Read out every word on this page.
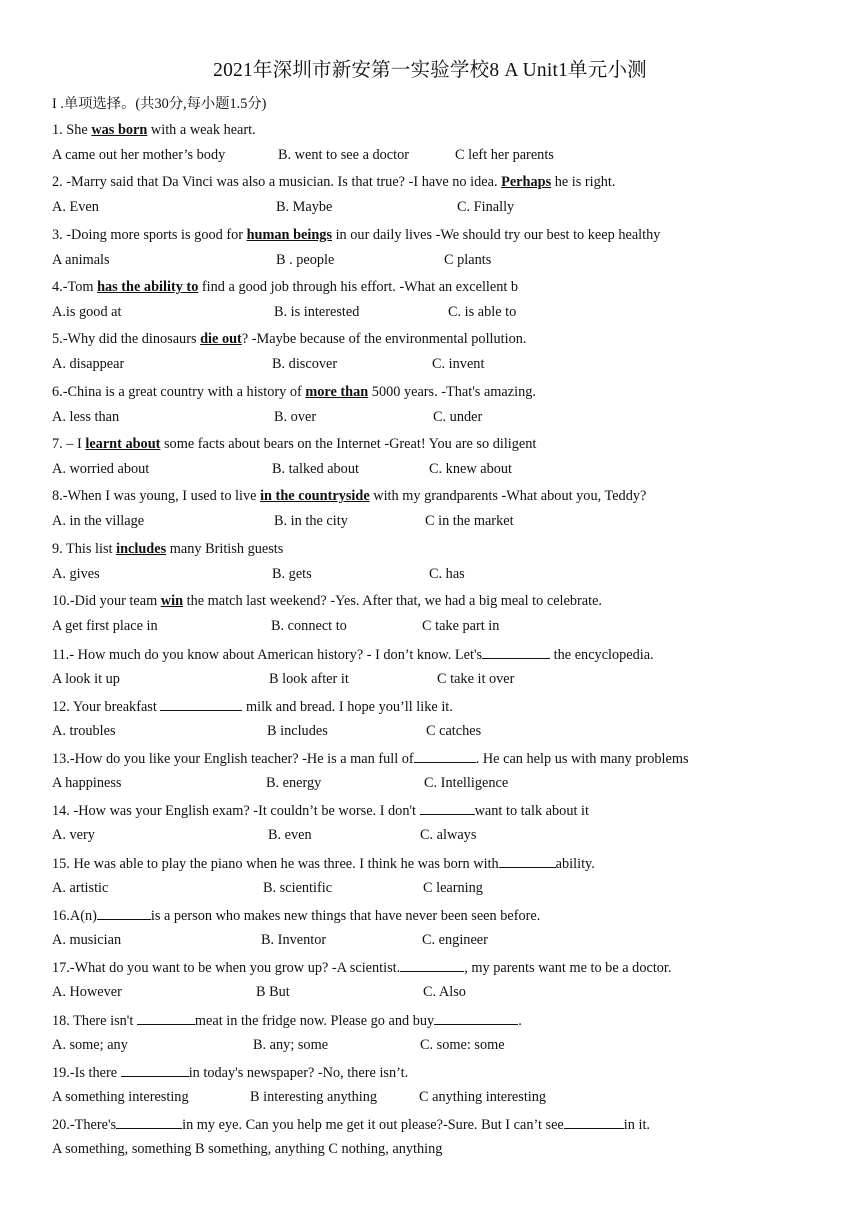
2021年深圳市新安第一实验学校8 A Unit1单元小测
I .单项选择。(共30分,每小题1.5分)
1. She was born with a weak heart.
A came out her mother’s body	B. went to see a doctor	C left her parents
2. -Marry said that Da Vinci was also a musician. Is that true? -I have no idea. Perhaps he is right.
A. Even	B. Maybe	C. Finally
3. -Doing more sports is good for human beings in our daily lives -We should try our best to keep healthy
A animals	B . people	C plants
4.-Tom has the ability to find a good job through his effort. -What an excellent b
A.is good at	B. is interested	C. is able to
5.-Why did the dinosaurs die out? -Maybe because of the environmental pollution.
A. disappear	B. discover	C. invent
6.-China is a great country with a history of more than 5000 years. -That's amazing.
A. less than	B. over	C. under
7. – I learnt about some facts about bears on the Internet -Great! You are so diligent
A. worried about	B. talked about	C. knew about
8.-When I was young, I used to live in the countryside with my grandparents -What about you, Teddy?
A. in the village	B. in the city	C in the market
9. This list includes many British guests
A. gives	B. gets	C. has
10.-Did your team win the match last weekend? -Yes. After that, we had a big meal to celebrate.
A get first place in	B. connect to	C take part in
11.- How much do you know about American history? - I don’t know. Let's	the encyclopedia.
A look it up	B look after it	C take it over
12. Your breakfast	milk and bread. I hope you’ll like it.
A. troubles	B includes	C catches
13.-How do you like your English teacher? -He is a man full of	. He can help us with many problems
A happiness	B. energy	C. Intelligence
14. -How was your English exam? -It couldn’t be worse. I don't	want to talk about it
A. very	B. even	C. always
15. He was able to play the piano when he was three. I think he was born with	ability.
A. artistic	B. scientific	C learning
16.A(n)	is a person who makes new things that have never been seen before.
A. musician	B. Inventor	C. engineer
17.-What do you want to be when you grow up? -A scientist.	, my parents want me to be a doctor.
A. However	B But	C. Also
18. There isn't	meat in the fridge now. Please go and buy	.
A. some; any	B. any; some	C. some: some
19.-Is there	in today's newspaper? -No, there isn’t.
A something interesting	B interesting anything	C anything interesting
20.-There's	in my eye. Can you help me get it out please?-Sure. But I can’t see	in it.
A something, something B something, anything C nothing, anything
